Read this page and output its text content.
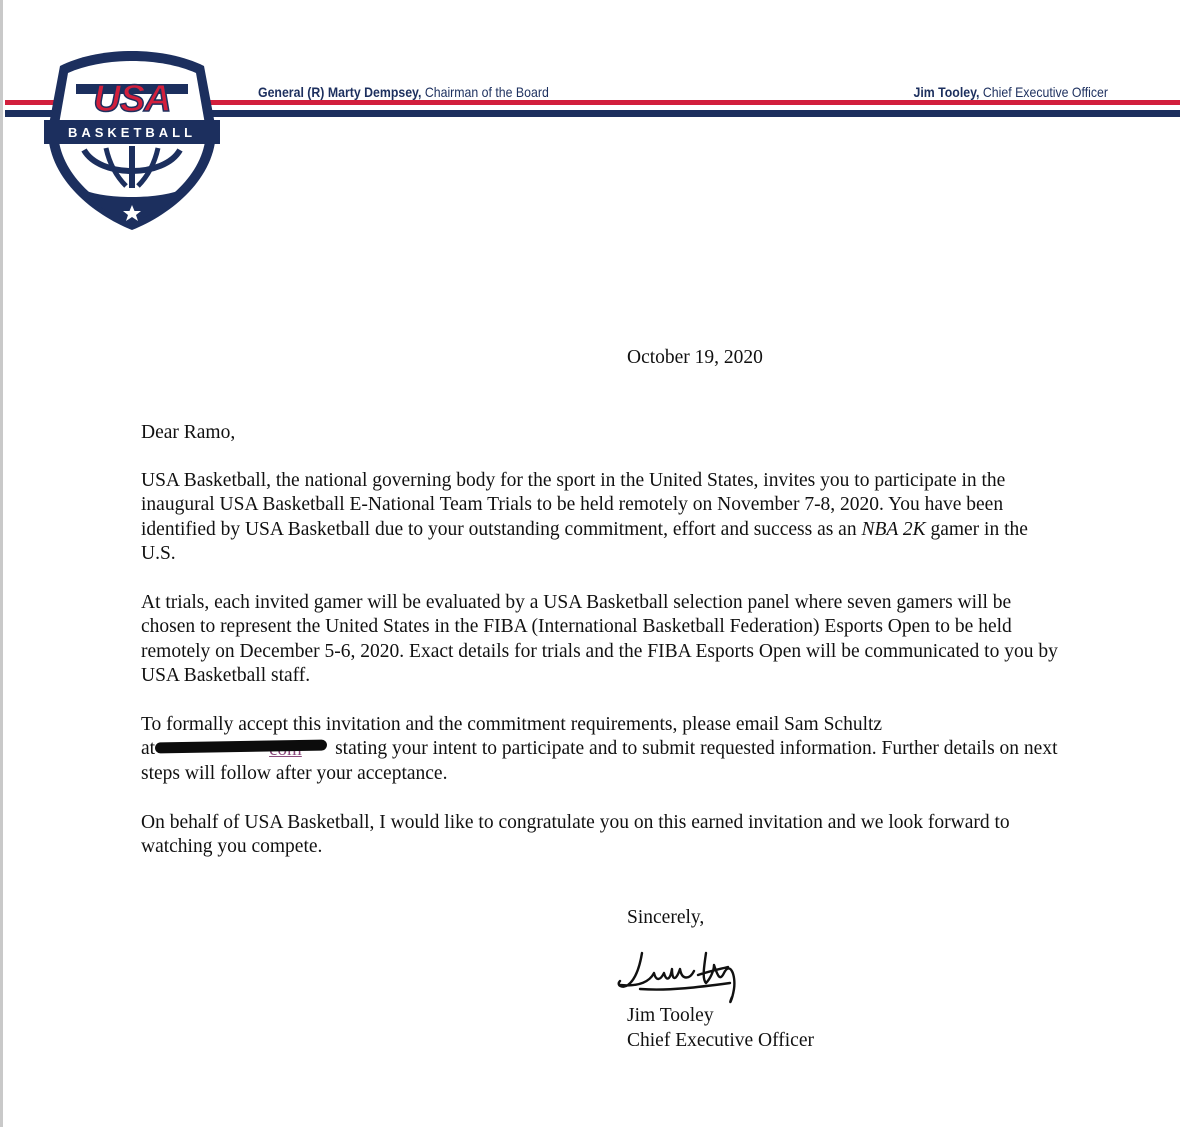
BASKETBALL
USA	General (R) Marty Dempsey, Chairman of the Board	Jim Tooley, Chief Executive Officer
October 19, 2020

Dear Ramo,

USA Basketball, the national governing body for the sport in the United States, invites you to participate in the inaugural USA Basketball E-National Team Trials to be held remotely on November 7-8, 2020. You have been identified by USA Basketball due to your outstanding commitment, effort and success as an NBA 2K gamer in the U.S.

At trials, each invited gamer will be evaluated by a USA Basketball selection panel where seven gamers will be chosen to represent the United States in the FIBA (International Basketball Federation) Esports Open to be held remotely on December 5-6, 2020. Exact details for trials and the FIBA Esports Open will be communicated to you by USA Basketball staff.

To formally accept this invitation and the commitment requirements, please email Sam Schultz

at	stating your intent to participate and to submit requested information. Further details on next steps will follow after your acceptance.

On behalf of USA Basketball, I would like to congratulate you on this earned invitation and we look forward to watching you compete.

Sincerely,
Jim Tooley
Chief Executive Officer
